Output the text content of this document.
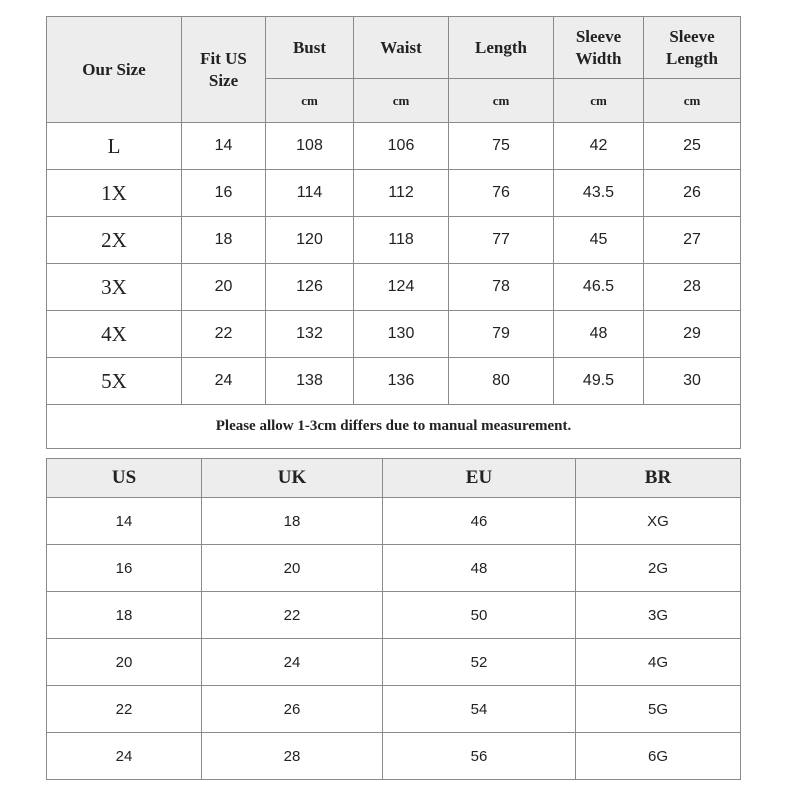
Our Size	Fit US Size	Bust	Waist	Length	Sleeve Width	Sleeve Length
		cm	cm	cm	cm	cm
L	14	108	106	75	42	25
1X	16	114	112	76	43.5	26
2X	18	120	118	77	45	27
3X	20	126	124	78	46.5	28
4X	22	132	130	79	48	29
5X	24	138	136	80	49.5	30
Please allow 1-3cm differs due to manual measurement.						
US	UK	EU	BR
14	18	46	XG
16	20	48	2G
18	22	50	3G
20	24	52	4G
22	26	54	5G
24	28	56	6G
